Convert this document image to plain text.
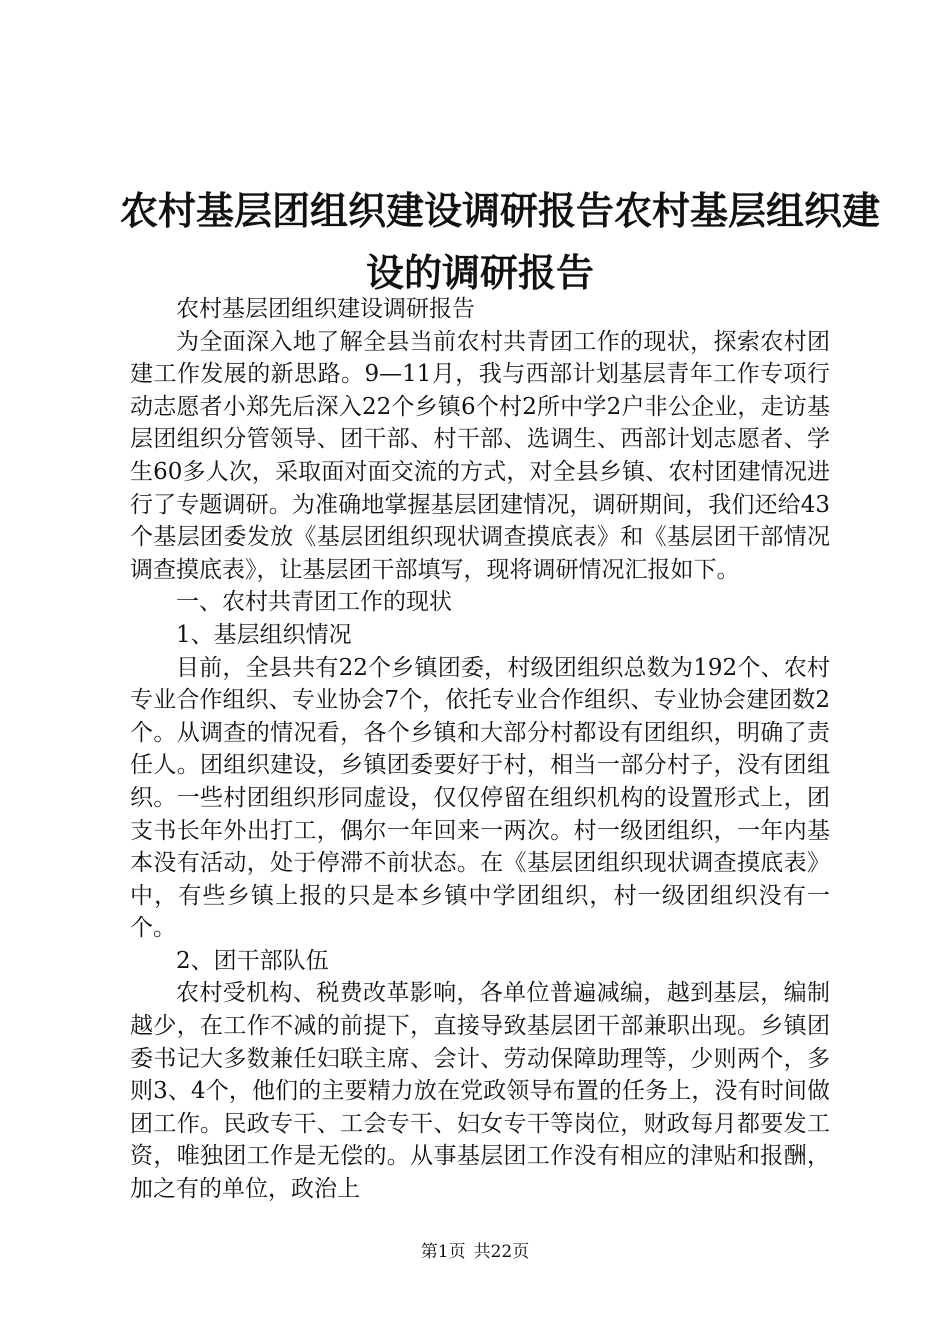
农村基层团组织建设调研报告农村基层组织建
设的调研报告

农村基层团组织建设调研报告

为全面深入地了解全县当前农村共青团工作的现状，探索农村团建工作发展的新思路。9—11月，我与西部计划基层青年工作专项行动志愿者小郑先后深入22个乡镇6个村2所中学2户非公企业，走访基层团组织分管领导、团干部、村干部、选调生、西部计划志愿者、学生60多人次，采取面对面交流的方式，对全县乡镇、农村团建情况进行了专题调研。为准确地掌握基层团建情况，调研期间，我们还给43个基层团委发放《基层团组织现状调查摸底表》和《基层团干部情况调查摸底表》，让基层团干部填写，现将调研情况汇报如下。

一、农村共青团工作的现状

1、基层组织情况

目前，全县共有22个乡镇团委，村级团组织总数为192个、农村专业合作组织、专业协会7个，依托专业合作组织、专业协会建团数2个。从调查的情况看，各个乡镇和大部分村都设有团组织，明确了责任人。团组织建设，乡镇团委要好于村，相当一部分村子，没有团组织。一些村团组织形同虚设，仅仅停留在组织机构的设置形式上，团支书长年外出打工，偶尔一年回来一两次。村一级团组织，一年内基本没有活动，处于停滞不前状态。在《基层团组织现状调查摸底表》中，有些乡镇上报的只是本乡镇中学团组织，村一级团组织没有一个。

2、团干部队伍

农村受机构、税费改革影响，各单位普遍减编，越到基层，编制越少，在工作不减的前提下，直接导致基层团干部兼职出现。乡镇团委书记大多数兼任妇联主席、会计、劳动保障助理等，少则两个，多则3、4个，他们的主要精力放在党政领导布置的任务上，没有时间做团工作。民政专干、工会专干、妇女专干等岗位，财政每月都要发工资，唯独团工作是无偿的。从事基层团工作没有相应的津贴和报酬，加之有的单位，政治上

第1页 共22页
